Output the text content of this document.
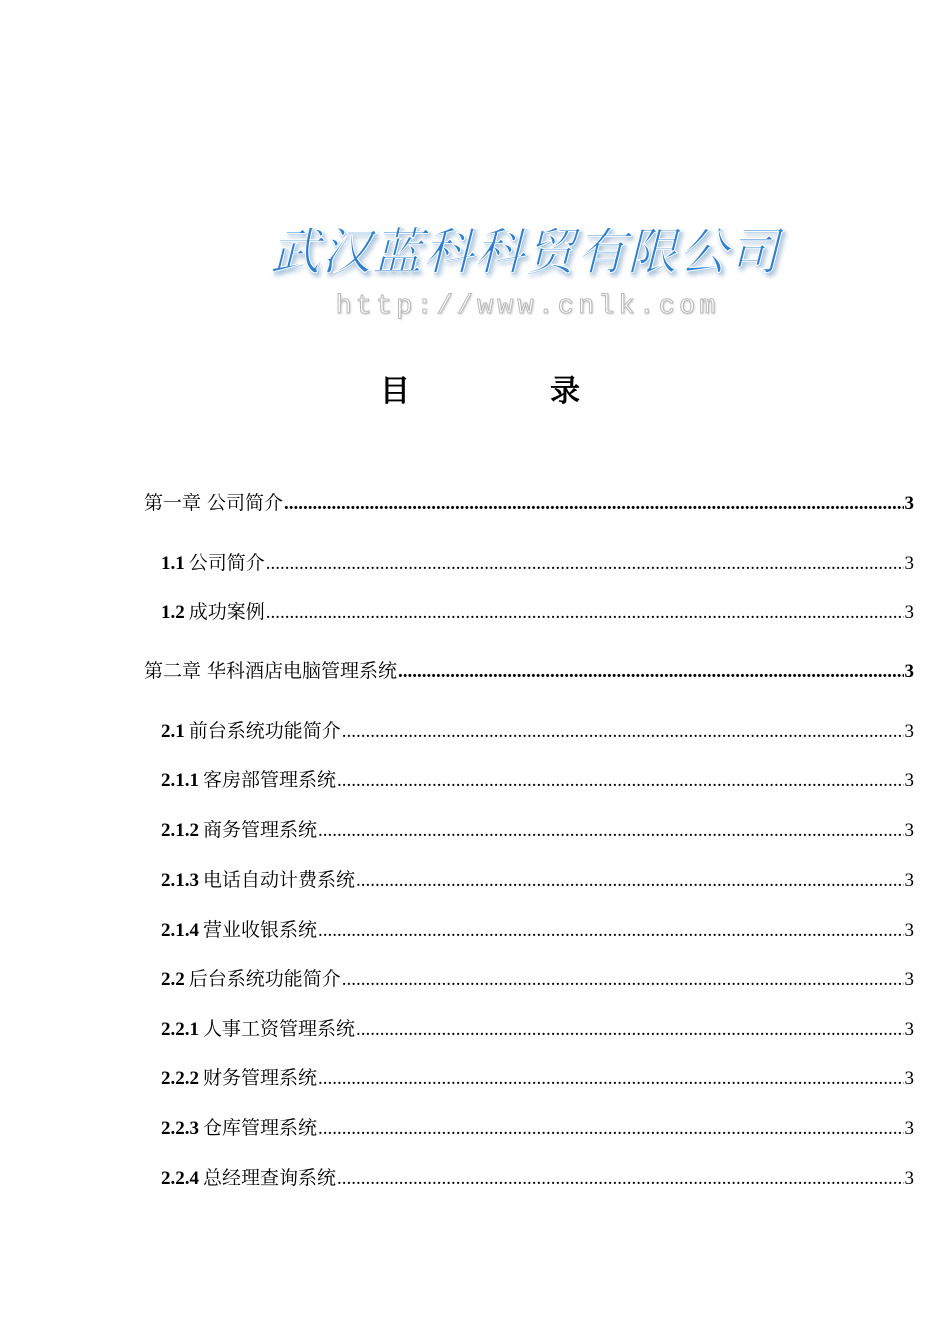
武汉蓝科科贸有限公司
http://www.cnlk.com
目	录
第一章 公司简介 .....	3
1.1 公司简介 .....	3
1.2 成功案例 .....	3
第二章 华科酒店电脑管理系统 .....	3
2.1 前台系统功能简介 .....	3
2.1.1 客房部管理系统 .....	3
2.1.2 商务管理系统 .....	3
2.1.3 电话自动计费系统 .....	3
2.1.4 营业收银系统 .....	3
2.2 后台系统功能简介 .....	3
2.2.1 人事工资管理系统 .....	3
2.2.2 财务管理系统 .....	3
2.2.3 仓库管理系统 .....	3
2.2.4 总经理查询系统 .....	3
